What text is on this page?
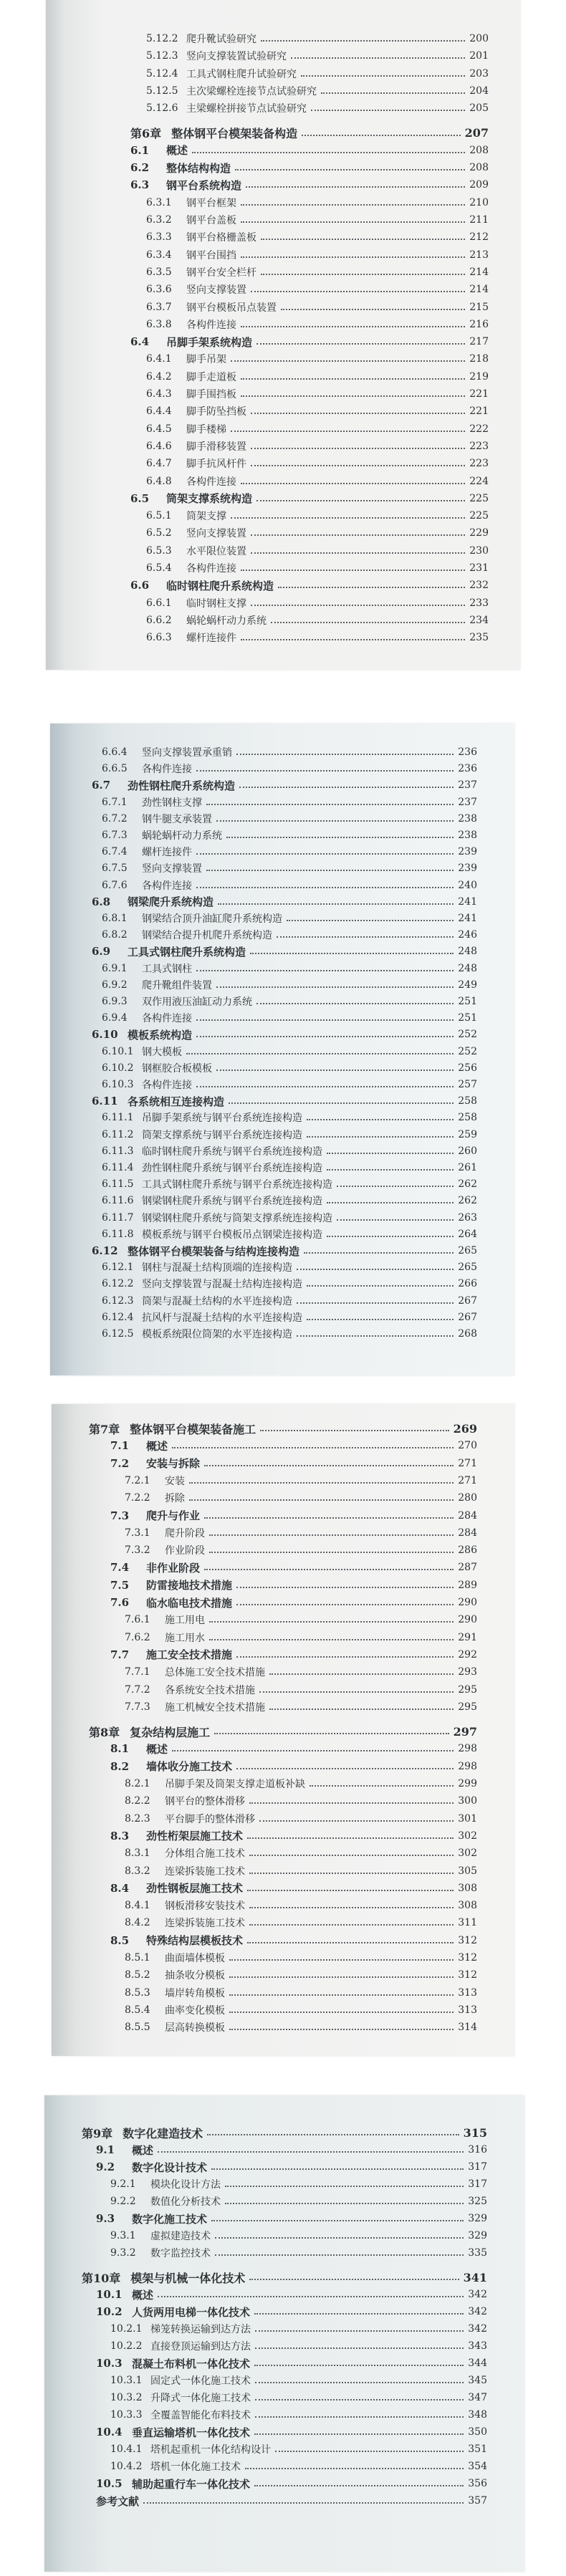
5.12.2 爬升靴试验研究	200
5.12.3 竖向支撑装置试验研究	201
5.12.4 工具式钢柱爬升试验研究	203
5.12.5 主次梁螺栓连接节点试验研究	204
5.12.6 主梁螺栓拼接节点试验研究	205
第6章 整体钢平台模架装备构造	207
6.1	概述	208
6.2	整体结构构造	208
6.3	钢平台系统构造	209
6.3.1	钢平台框架	210
6.3.2	钢平台盖板	211
6.3.3	钢平台格栅盖板	212
6.3.4	钢平台围挡	213
6.3.5	钢平台安全栏杆	214
6.3.6	竖向支撑装置	214
6.3.7	钢平台模板吊点装置	215
6.3.8	各构件连接	216
6.4	吊脚手架系统构造	217
6.4.1	脚手吊架	218
6.4.2	脚手走道板	219
6.4.3	脚手围挡板	221
6.4.4	脚手防坠挡板	221
6.4.5	脚手楼梯	222
6.4.6	脚手滑移装置	223
6.4.7	脚手抗风杆件	223
6.4.8	各构件连接	224
6.5	筒架支撑系统构造	225
6.5.1	筒架支撑	225
6.5.2	竖向支撑装置	229
6.5.3	水平限位装置	230
6.5.4	各构件连接	231
6.6	临时钢柱爬升系统构造	232
6.6.1	临时钢柱支撑	233
6.6.2	蜗轮蜗杆动力系统	234
6.6.3	螺杆连接件	235
6.6.4	竖向支撑装置承重销	236
6.6.5	各构件连接	236
6.7	劲性钢柱爬升系统构造	237
6.7.1	劲性钢柱支撑	237
6.7.2	钢牛腿支承装置	238
6.7.3	蜗轮蜗杆动力系统	238
6.7.4	螺杆连接件	239
6.7.5	竖向支撑装置	239
6.7.6	各构件连接	240
6.8	钢梁爬升系统构造	241
6.8.1	钢梁结合顶升油缸爬升系统构造	241
6.8.2	钢梁结合提升机爬升系统构造	246
6.9	工具式钢柱爬升系统构造	248
6.9.1	工具式钢柱	248
6.9.2	爬升靴组件装置	249
6.9.3	双作用液压油缸动力系统	251
6.9.4	各构件连接	251
6.10 模板系统构造	252
6.10.1 钢大模板	252
6.10.2 钢框胶合板模板	256
6.10.3 各构件连接	257
6.11 各系统相互连接构造	258
6.11.1 吊脚手架系统与钢平台系统连接构造	258
6.11.2 筒架支撑系统与钢平台系统连接构造	259
6.11.3 临时钢柱爬升系统与钢平台系统连接构造	260
6.11.4 劲性钢柱爬升系统与钢平台系统连接构造	261
6.11.5 工具式钢柱爬升系统与钢平台系统连接构造	262
6.11.6 钢梁钢柱爬升系统与钢平台系统连接构造	262
6.11.7 钢梁钢柱爬升系统与筒架支撑系统连接构造	263
6.11.8 模板系统与钢平台模板吊点钢梁连接构造	264
6.12 整体钢平台模架装备与结构连接构造	265
6.12.1 钢柱与混凝土结构顶端的连接构造	265
6.12.2 竖向支撑装置与混凝土结构连接构造	266
6.12.3 筒架与混凝土结构的水平连接构造	267
6.12.4 抗风杆与混凝土结构的水平连接构造	267
6.12.5 模板系统限位筒架的水平连接构造	268
第7章 整体钢平台模架装备施工	269
7.1	概述	270
7.2	安装与拆除	271
7.2.1	安装	271
7.2.2	拆除	280
7.3	爬升与作业	284
7.3.1	爬升阶段	284
7.3.2	作业阶段	286
7.4	非作业阶段	287
7.5	防雷接地技术措施	289
7.6	临水临电技术措施	290
7.6.1	施工用电	290
7.6.2	施工用水	291
7.7	施工安全技术措施	292
7.7.1	总体施工安全技术措施	293
7.7.2	各系统安全技术措施	295
7.7.3	施工机械安全技术措施	295
第8章 复杂结构层施工	297
8.1	概述	298
8.2	墙体收分施工技术	298
8.2.1	吊脚手架及筒架支撑走道板补缺	299
8.2.2	钢平台的整体滑移	300
8.2.3	平台脚手的整体滑移	301
8.3	劲性桁架层施工技术	302
8.3.1	分体组合施工技术	302
8.3.2	连梁拆装施工技术	305
8.4	劲性钢板层施工技术	308
8.4.1	钢板滑移安装技术	308
8.4.2	连梁拆装施工技术	311
8.5	特殊结构层模板技术	312
8.5.1	曲面墙体模板	312
8.5.2	抽条收分模板	312
8.5.3	墙岸转角模板	313
8.5.4	曲率变化模板	313
8.5.5	层高转换模板	314
第9章 数字化建造技术	315
9.1	概述	316
9.2	数字化设计技术	317
9.2.1	模块化设计方法	317
9.2.2	数值化分析技术	325
9.3	数字化施工技术	329
9.3.1	虚拟建造技术	329
9.3.2	数字监控技术	335
第10章 模架与机械一体化技术	341
10.1 概述	342
10.2 人货两用电梯一体化技术	342
10.2.1 梯笼转换运输到达方法	342
10.2.2 直接登顶运输到达方法	343
10.3 混凝土布料机一体化技术	344
10.3.1 固定式一体化施工技术	345
10.3.2 升降式一体化施工技术	347
10.3.3 全覆盖智能化布料技术	348
10.4 垂直运输塔机一体化技术	350
10.4.1 塔机起重机一体化结构设计	351
10.4.2 塔机一体化施工技术	354
10.5 辅助起重行车一体化技术	356
参考文献	357
